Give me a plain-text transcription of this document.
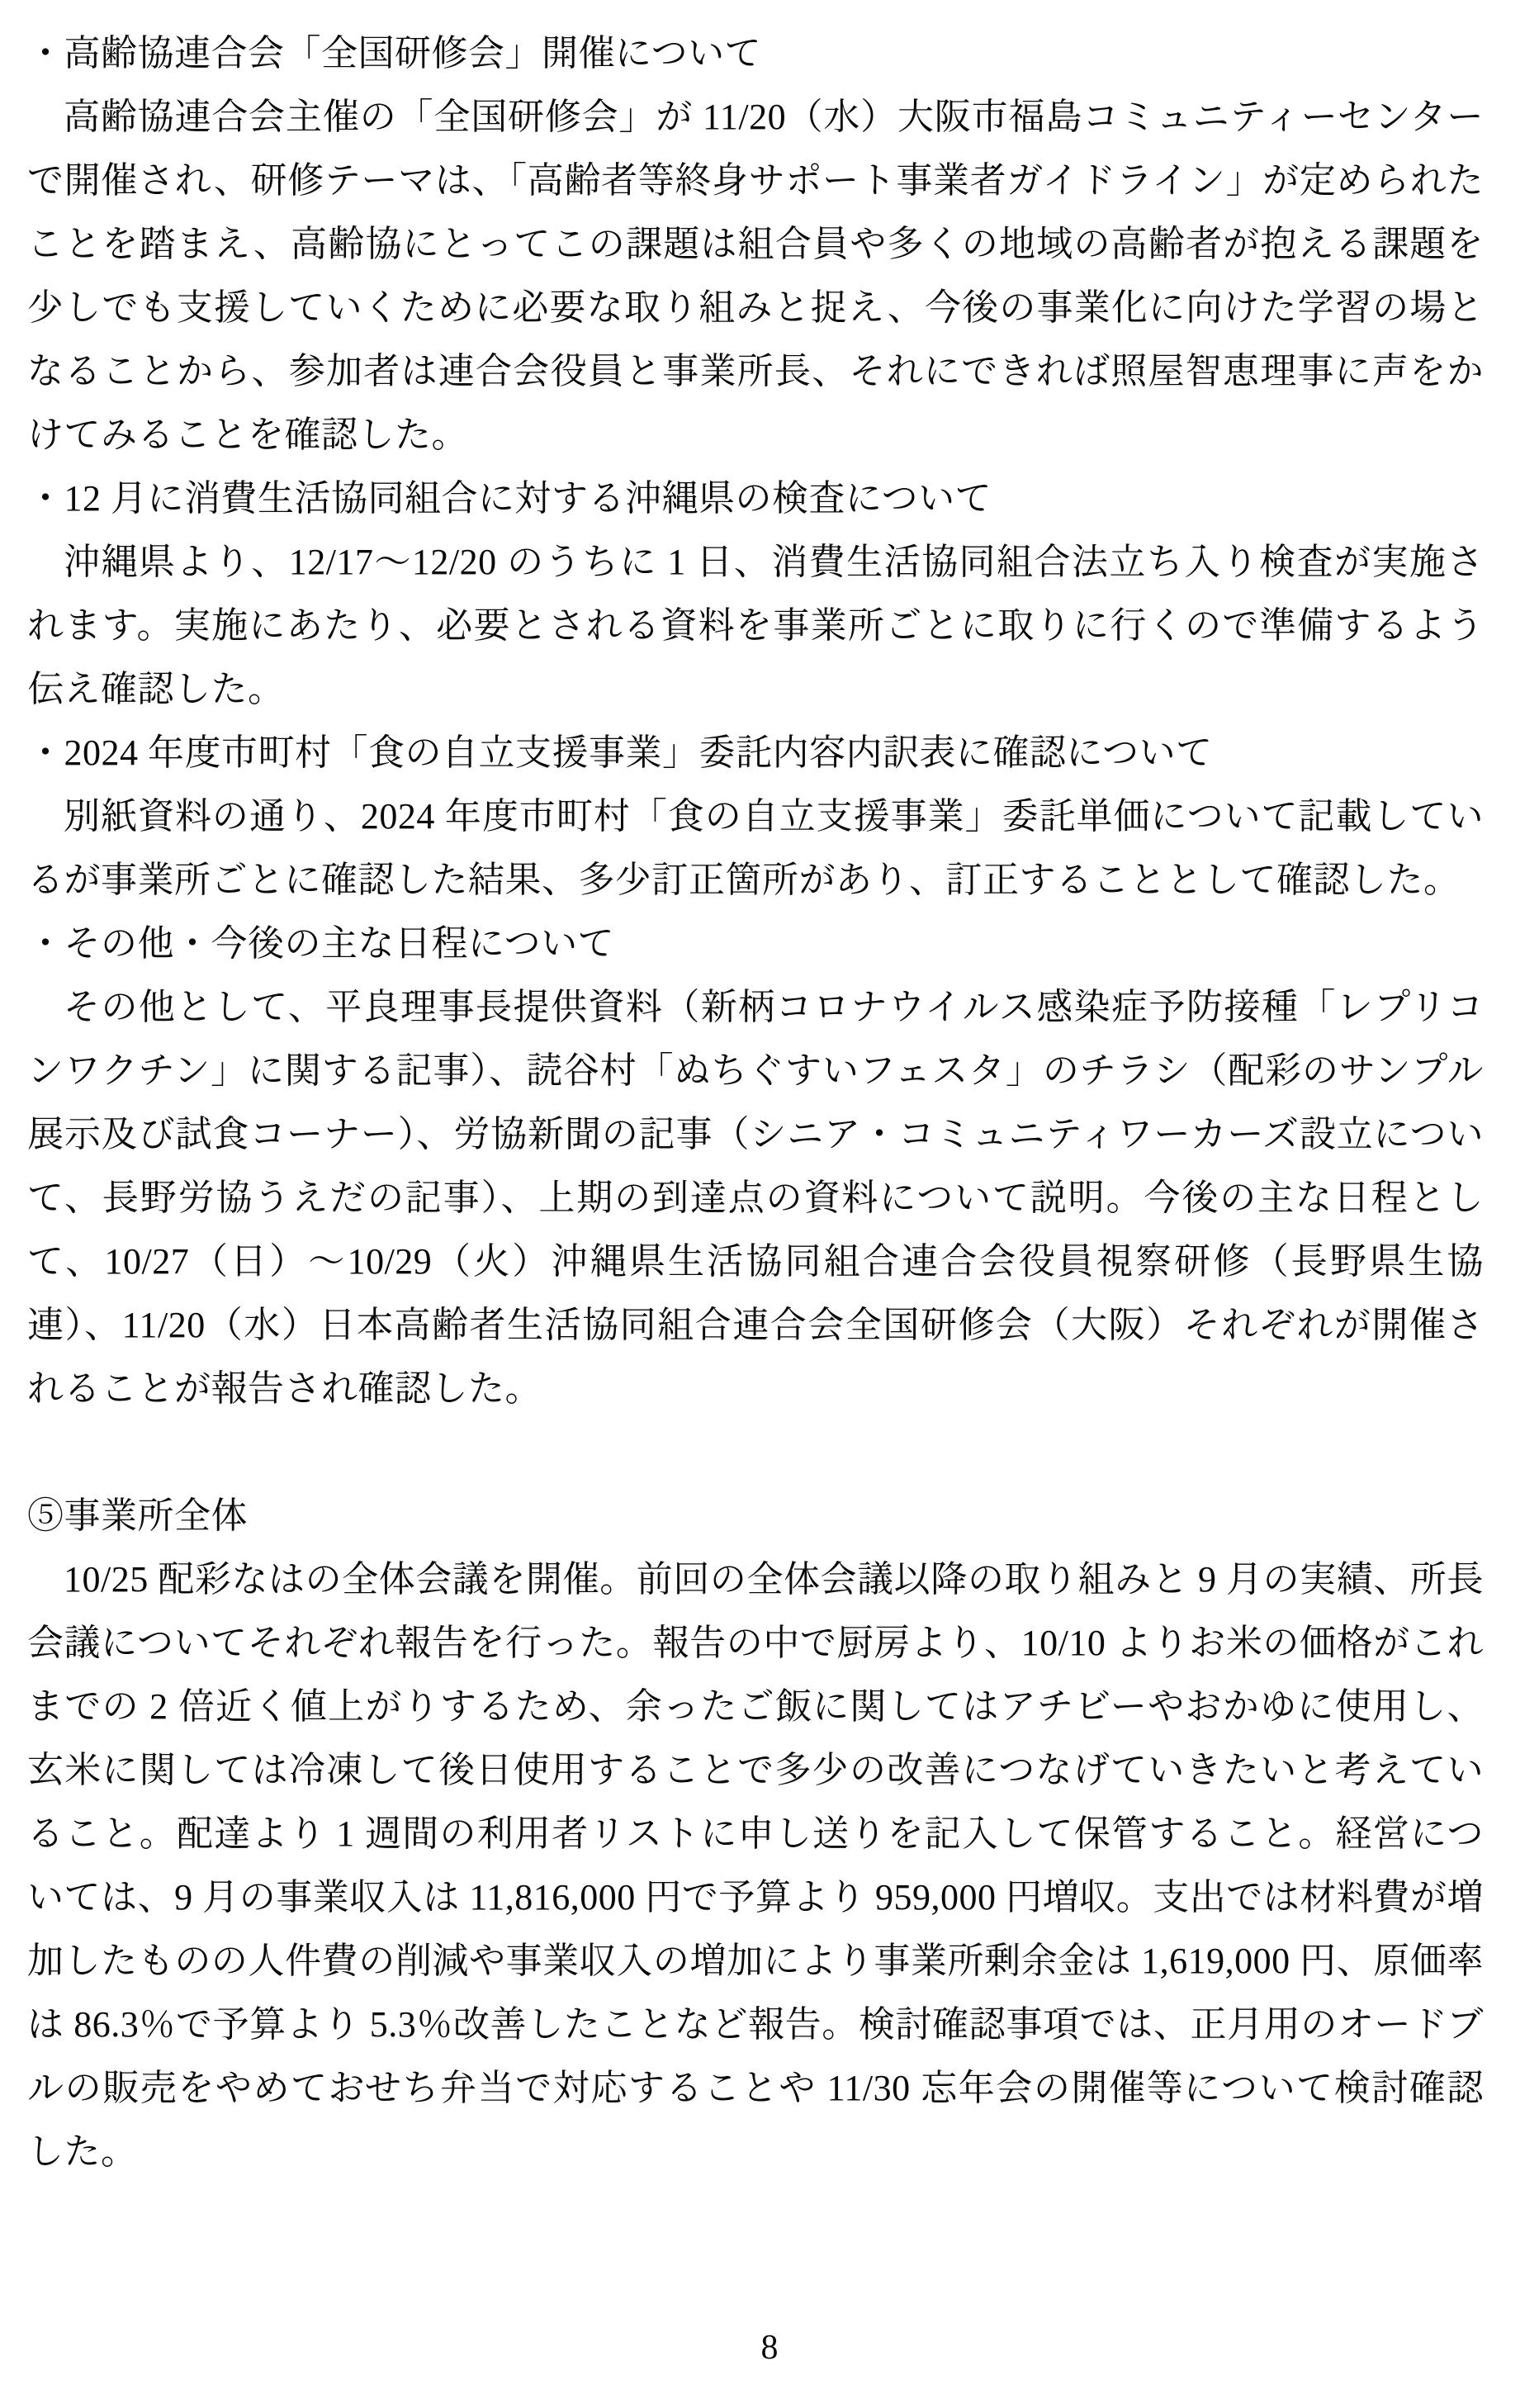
・高齢協連合会「全国研修会」開催について

高齢協連合会主催の「全国研修会」が 11/20（水）大阪市福島コミュニティーセンターで開催され、研修テーマは、「高齢者等終身サポート事業者ガイドライン」が定められたことを踏まえ、高齢協にとってこの課題は組合員や多くの地域の高齢者が抱える課題を少しでも支援していくために必要な取り組みと捉え、今後の事業化に向けた学習の場となることから、参加者は連合会役員と事業所長、それにできれば照屋智恵理事に声をかけてみることを確認した。

・12 月に消費生活協同組合に対する沖縄県の検査について

沖縄県より、12/17～12/20 のうちに 1 日、消費生活協同組合法立ち入り検査が実施されます。実施にあたり、必要とされる資料を事業所ごとに取りに行くので準備するよう伝え確認した。

・2024 年度市町村「食の自立支援事業」委託内容内訳表に確認について

別紙資料の通り、2024 年度市町村「食の自立支援事業」委託単価について記載しているが事業所ごとに確認した結果、多少訂正箇所があり、訂正することとして確認した。

・その他・今後の主な日程について

その他として、平良理事長提供資料（新柄コロナウイルス感染症予防接種「レプリコンワクチン」に関する記事）、読谷村「ぬちぐすいフェスタ」のチラシ（配彩のサンプル展示及び試食コーナー）、労協新聞の記事（シニア・コミュニティワーカーズ設立について、長野労協うえだの記事）、上期の到達点の資料について説明。今後の主な日程として、10/27（日）～10/29（火）沖縄県生活協同組合連合会役員視察研修（長野県生協連）、11/20（水）日本高齢者生活協同組合連合会全国研修会（大阪）それぞれが開催されることが報告され確認した。

⑤事業所全体

10/25 配彩なはの全体会議を開催。前回の全体会議以降の取り組みと 9 月の実績、所長会議についてそれぞれ報告を行った。報告の中で厨房より、10/10 よりお米の価格がこれまでの 2 倍近く値上がりするため、余ったご飯に関してはアチビーやおかゆに使用し、玄米に関しては冷凍して後日使用することで多少の改善につなげていきたいと考えていること。配達より 1 週間の利用者リストに申し送りを記入して保管すること。経営については、9 月の事業収入は 11,816,000 円で予算より 959,000 円増収。支出では材料費が増加したものの人件費の削減や事業収入の増加により事業所剰余金は 1,619,000 円、原価率は 86.3％で予算より 5.3％改善したことなど報告。検討確認事項では、正月用のオードブルの販売をやめておせち弁当で対応することや 11/30 忘年会の開催等について検討確認した。

8
